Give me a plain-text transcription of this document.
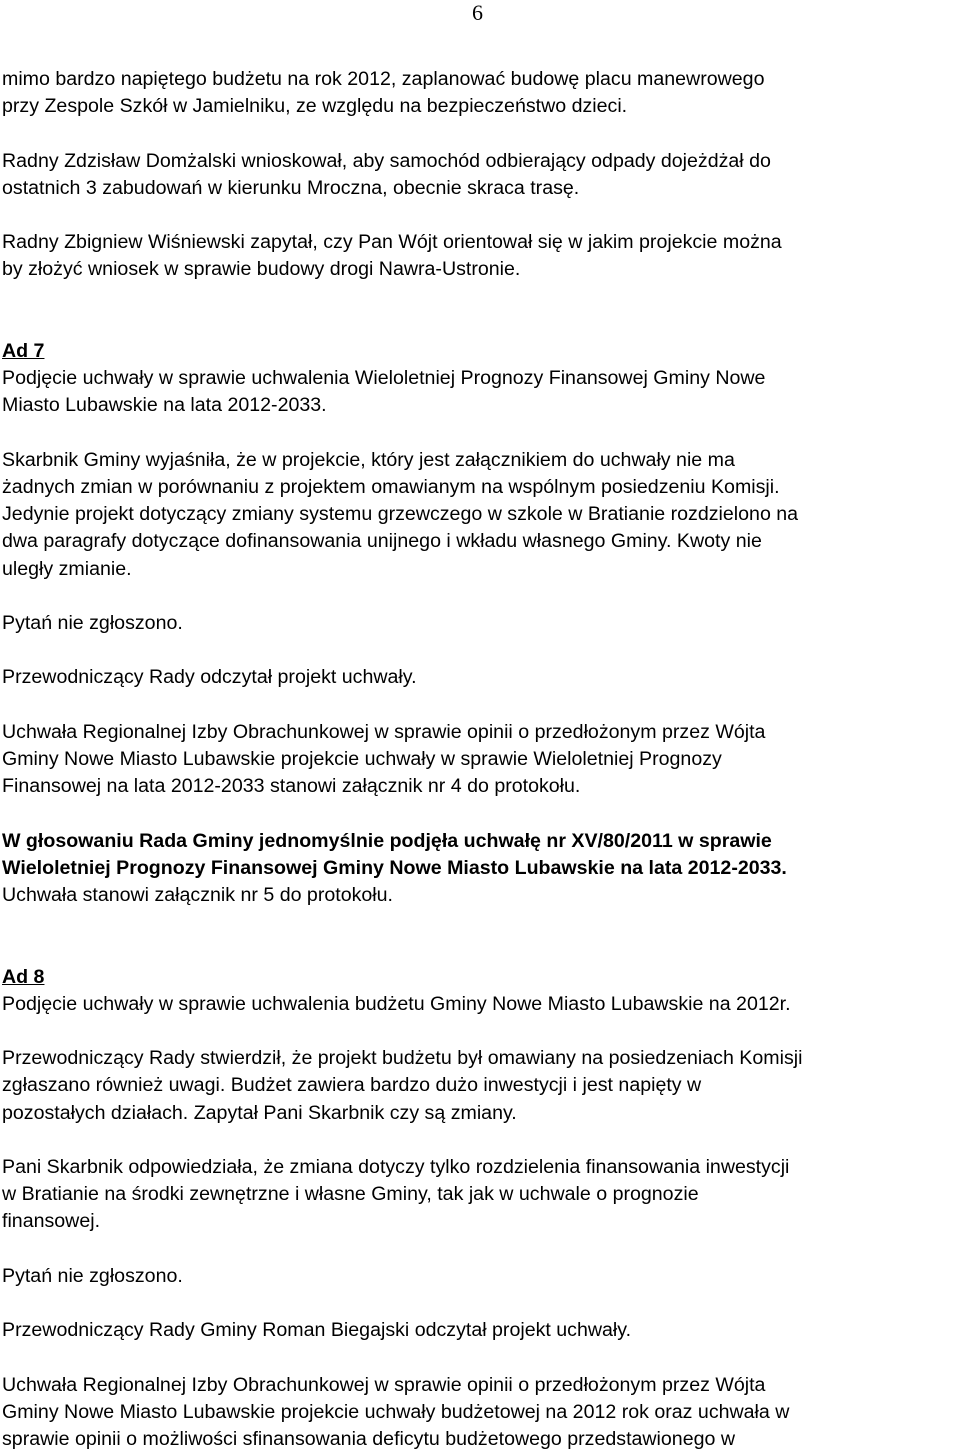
6

mimo bardzo napiętego budżetu na rok 2012, zaplanować budowę placu manewrowego
przy Zespole Szkół w Jamielniku, ze względu na bezpieczeństwo dzieci.

Radny Zdzisław Domżalski wnioskował, aby samochód odbierający odpady dojeżdżał do
ostatnich 3 zabudowań w kierunku Mroczna, obecnie skraca trasę.

Radny Zbigniew Wiśniewski zapytał, czy Pan Wójt orientował się w jakim projekcie można
by złożyć wniosek w sprawie budowy drogi Nawra-Ustronie.

Ad 7
Podjęcie uchwały w sprawie uchwalenia Wieloletniej Prognozy Finansowej Gminy Nowe
Miasto Lubawskie na lata 2012-2033.

Skarbnik Gminy wyjaśniła, że w projekcie, który jest załącznikiem do uchwały nie ma
żadnych zmian w porównaniu z projektem omawianym na wspólnym posiedzeniu Komisji.
Jedynie projekt dotyczący zmiany systemu grzewczego w szkole w Bratianie rozdzielono na
dwa paragrafy dotyczące dofinansowania unijnego i wkładu własnego Gminy. Kwoty nie
uległy zmianie.

Pytań nie zgłoszono.

Przewodniczący Rady odczytał projekt uchwały.

Uchwała Regionalnej Izby Obrachunkowej w sprawie opinii o przedłożonym przez Wójta
Gminy Nowe Miasto Lubawskie projekcie uchwały w sprawie Wieloletniej Prognozy
Finansowej na lata 2012-2033 stanowi załącznik nr 4 do protokołu.

W głosowaniu Rada Gminy jednomyślnie podjęła uchwałę nr XV/80/2011 w sprawie
Wieloletniej Prognozy Finansowej Gminy Nowe Miasto Lubawskie na lata 2012-2033.
Uchwała stanowi załącznik nr 5 do protokołu.

Ad 8
Podjęcie uchwały w sprawie uchwalenia budżetu Gminy Nowe Miasto Lubawskie na 2012r.

Przewodniczący Rady stwierdził, że projekt budżetu był omawiany na posiedzeniach Komisji
zgłaszano również uwagi. Budżet zawiera bardzo dużo inwestycji i jest napięty w
pozostałych działach. Zapytał Pani Skarbnik czy są zmiany.

Pani Skarbnik odpowiedziała, że zmiana dotyczy tylko rozdzielenia finansowania inwestycji
w Bratianie na środki zewnętrzne i własne Gminy, tak jak w uchwale o prognozie
finansowej.

Pytań nie zgłoszono.

Przewodniczący Rady Gminy Roman Biegajski odczytał projekt uchwały.

Uchwała Regionalnej Izby Obrachunkowej w sprawie opinii o przedłożonym przez Wójta
Gminy Nowe Miasto Lubawskie projekcie uchwały budżetowej na 2012 rok oraz uchwała w
sprawie opinii o możliwości sfinansowania deficytu budżetowego przedstawionego w
